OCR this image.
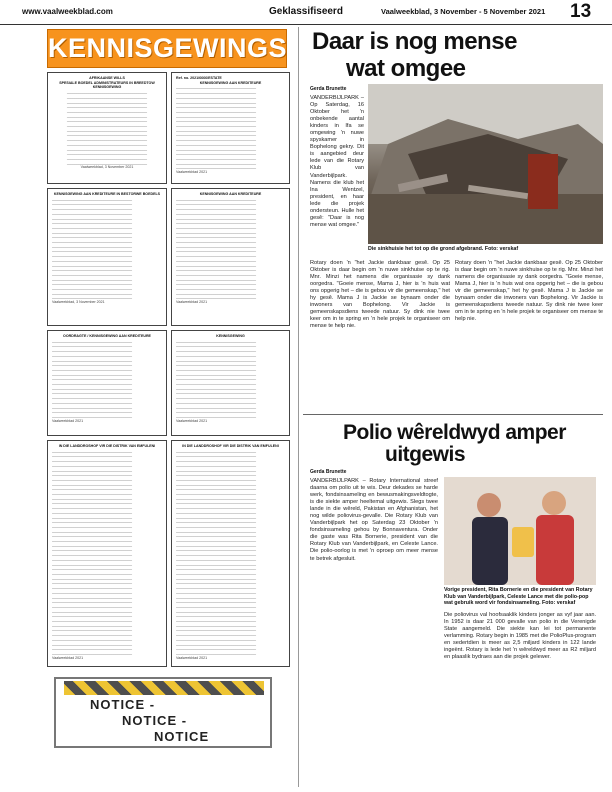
www.vaalweekblad.com	Geklassifiseerd	Vaalweekblad, 3 November - 5 November 2021 13
KENNISGEWINGS
AFRIKAANSE WILLS
SPESIALE BOEDEL ADMINISTRATEURS IN BREEDTOW
KENNISGEWING
________________________________________
________________________________________
________________________________________
________________________________________
________________________________________
________________________________________
________________________________________
________________________________________
________________________________________
________________________________________
________________________________________
________________________________________
________________________________________
________________________________________
________________________________________
________________________________________
Vaalweekblad, 3 November 2021
Ref. no. 2021/6666/ESTATE
KENNISGEWING AAN KREDITEURE
________________________________________
________________________________________
________________________________________
________________________________________
________________________________________
________________________________________
________________________________________
________________________________________
________________________________________
________________________________________
________________________________________
________________________________________
________________________________________
________________________________________
________________________________________
________________________________________
________________________________________
________________________________________
Vaalweekblad 2021
KENNISGEWING AAN KREDITEURE IN BESTORWE BOEDELS
________________________________________
________________________________________
________________________________________
________________________________________
________________________________________
________________________________________
________________________________________
________________________________________
________________________________________
________________________________________
________________________________________
________________________________________
________________________________________
________________________________________
________________________________________
________________________________________
________________________________________
________________________________________
________________________________________
________________________________________
________________________________________
________________________________________
Vaalweekblad, 3 November 2021
KENNISGEWING AAN KREDITEURE
________________________________________
________________________________________
________________________________________
________________________________________
________________________________________
________________________________________
________________________________________
________________________________________
________________________________________
________________________________________
________________________________________
________________________________________
________________________________________
________________________________________
________________________________________
________________________________________
________________________________________
________________________________________
________________________________________
________________________________________
________________________________________
________________________________________
Vaalweekblad 2021
OORDRAGTE / KENNISGEWING AAN KREDITEURE
________________________________________
________________________________________
________________________________________
________________________________________
________________________________________
________________________________________
________________________________________
________________________________________
________________________________________
________________________________________
________________________________________
________________________________________
________________________________________
________________________________________
________________________________________
________________________________________
________________________________________
Vaalweekblad 2021
KENNISGEWING
________________________________________
________________________________________
________________________________________
________________________________________
________________________________________
________________________________________
________________________________________
________________________________________
________________________________________
________________________________________
________________________________________
________________________________________
________________________________________
________________________________________
________________________________________
________________________________________
________________________________________
Vaalweekblad 2021
IN DIE LANDDROSHOF VIR DIE DISTRIK VAN EMFULENI
________________________________________
________________________________________
________________________________________
________________________________________
________________________________________
________________________________________
________________________________________
________________________________________
________________________________________
________________________________________
________________________________________
________________________________________
________________________________________
________________________________________
________________________________________
________________________________________
________________________________________
________________________________________
________________________________________
________________________________________
________________________________________
________________________________________
________________________________________
________________________________________
________________________________________
________________________________________
________________________________________
________________________________________
________________________________________
________________________________________
________________________________________
________________________________________
________________________________________
________________________________________
________________________________________
________________________________________
________________________________________
________________________________________
________________________________________
________________________________________
________________________________________
________________________________________
________________________________________
________________________________________
Vaalweekblad 2021
IN DIE LANDDROSHOF VIR DIE DISTRIK VAN EMFULENI
________________________________________
________________________________________
________________________________________
________________________________________
________________________________________
________________________________________
________________________________________
________________________________________
________________________________________
________________________________________
________________________________________
________________________________________
________________________________________
________________________________________
________________________________________
________________________________________
________________________________________
________________________________________
________________________________________
________________________________________
________________________________________
________________________________________
________________________________________
________________________________________
________________________________________
________________________________________
________________________________________
________________________________________
________________________________________
________________________________________
________________________________________
________________________________________
________________________________________
________________________________________
________________________________________
________________________________________
________________________________________
________________________________________
________________________________________
________________________________________
________________________________________
________________________________________
________________________________________
________________________________________
Vaalweekblad 2021
NOTICE -
NOTICE -
NOTICE
Daar is nog mense
wat omgee
Gerda Brunette

VANDERBIJLPARK – Op Saterdag, 16 Oktober het 'n onbekende aantal kinders in Ifa se omgewing 'n nuwe spyskamer in Bophelong gekry. Dit is aangebied deur lede van die Rotary Klub van Vanderbijlpark. Namens die klub het Ina Wentzel, president, en haar lede die projek ondersteun. Hulle het gesê: "Daar is nog mense wat omgee."

Die sinkhuisie het tot op die grond afgebrand. Foto: verskaf

Rotary doen 'n "het Jackie dankbaar gesê. Op 25 Oktober is daar begin om 'n nuwe sinkhuise op te rig. Mnr. Minzi het namens die organisasie sy dank oorgedra. "Goeie mense, Mama J, hier is 'n huis wat ons opgerig het – die is gebou vir die gemeenskap," het hy gesê. Mama J is Jackie se bynaam onder die inwoners van Bophelong. Vir Jackie is gemeenskapsdiens tweede natuur. Sy dink nie twee keer om in te spring en 'n hele projek te organiseer om mense te help nie.

Rotary doen 'n "het Jackie dankbaar gesê. Op 25 Oktober is daar begin om 'n nuwe sinkhuise op te rig. Mnr. Minzi het namens die organisasie sy dank oorgedra. "Goeie mense, Mama J, hier is 'n huis wat ons opgerig het – die is gebou vir die gemeenskap," het hy gesê. Mama J is Jackie se bynaam onder die inwoners van Bophelong. Vir Jackie is gemeenskapsdiens tweede natuur. Sy dink nie twee keer om in te spring en 'n hele projek te organiseer om mense te help nie.

Polio wêreldwyd amper
uitgewis
Gerda Brunette

VANDERBIJLPARK – Rotary International streef daarna om polio uit te wis. Deur dekades se harde werk, fondsinsameling en bewusmakingsveldtogte, is die siekte amper heeltemal uitgewis. Slegs twee lande in die wêreld, Pakistan en Afghanistan, het nog wilde poliovirus-gevalle. Die Rotary Klub van Vanderbijlpark het op Saterdag 23 Oktober 'n fondsinsameling gehou by Bonnaventura. Onder die gaste was Rita Bornerie, president van die Rotary Klub van Vanderbijlpark, en Celeste Lance. Die polio-oorlog is met 'n oproep om meer mense te betrek afgesluit.

Vorige president, Rita Bornerie en die president van Rotary Klub van Vanderbijlpark, Celeste Lance met die polio-pop wat gebruik word vir fondsinsameling. Foto: verskaf

Die poliovirus val hoofsaaklik kinders jonger as vyf jaar aan. In 1952 is daar 21 000 gevalle van polio in die Verenigde State aangemeld. Die siekte kan lei tot permanente verlamming. Rotary begin in 1985 met die PolioPlus-program en sedertdien is meer as 2,5 miljard kinders in 122 lande ingeënt. Rotary is lede het 'n wêreldwyd meer as R2 miljard en plaaslik bydraes aan die projek gelewer.
